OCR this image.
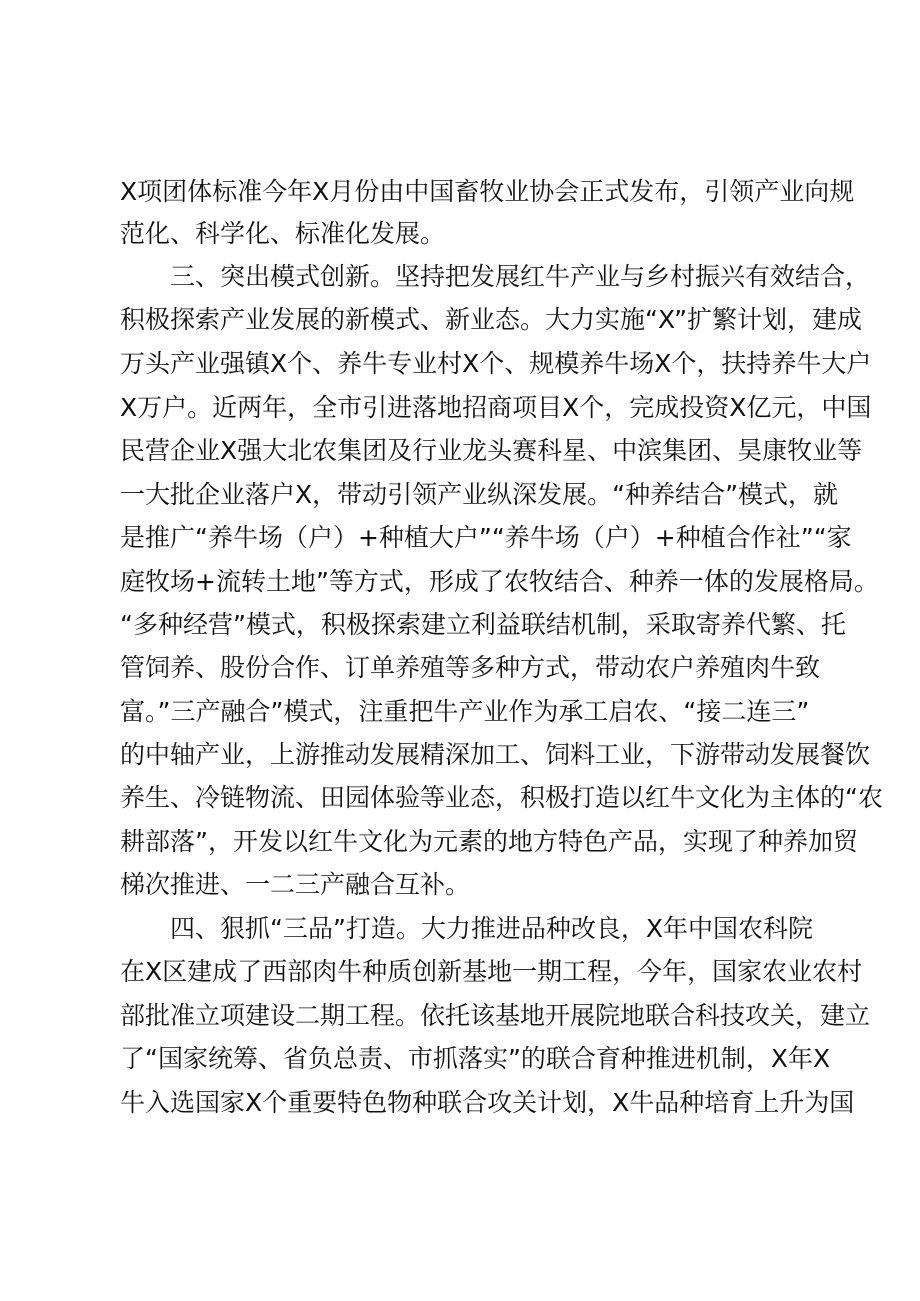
X项团体标准今年X月份由中国畜牧业协会正式发布，引领产业向规
范化、科学化、标准化发展。
三、突出模式创新。坚持把发展红牛产业与乡村振兴有效结合，
积极探索产业发展的新模式、新业态。大力实施“X”扩繁计划，建成
万头产业强镇X个、养牛专业村X个、规模养牛场X个，扶持养牛大户
X万户。近两年，全市引进落地招商项目X个，完成投资X亿元，中国
民营企业X强大北农集团及行业龙头赛科星、中滨集团、昊康牧业等
一大批企业落户X，带动引领产业纵深发展。“种养结合”模式，就
是推广“养牛场（户）+种植大户”“养牛场（户）+种植合作社”“家
庭牧场+流转土地”等方式，形成了农牧结合、种养一体的发展格局。
“多种经营”模式，积极探索建立利益联结机制，采取寄养代繁、托
管饲养、股份合作、订单养殖等多种方式，带动农户养殖肉牛致
富。”三产融合”模式，注重把牛产业作为承工启农、“接二连三”
的中轴产业，上游推动发展精深加工、饲料工业，下游带动发展餐饮
养生、冷链物流、田园体验等业态，积极打造以红牛文化为主体的“农
耕部落”，开发以红牛文化为元素的地方特色产品，实现了种养加贸
梯次推进、一二三产融合互补。
四、狠抓“三品”打造。大力推进品种改良，X年中国农科院
在X区建成了西部肉牛种质创新基地一期工程，今年，国家农业农村
部批准立项建设二期工程。依托该基地开展院地联合科技攻关，建立
了“国家统筹、省负总责、市抓落实”的联合育种推进机制，X年X
牛入选国家X个重要特色物种联合攻关计划，X牛品种培育上升为国
